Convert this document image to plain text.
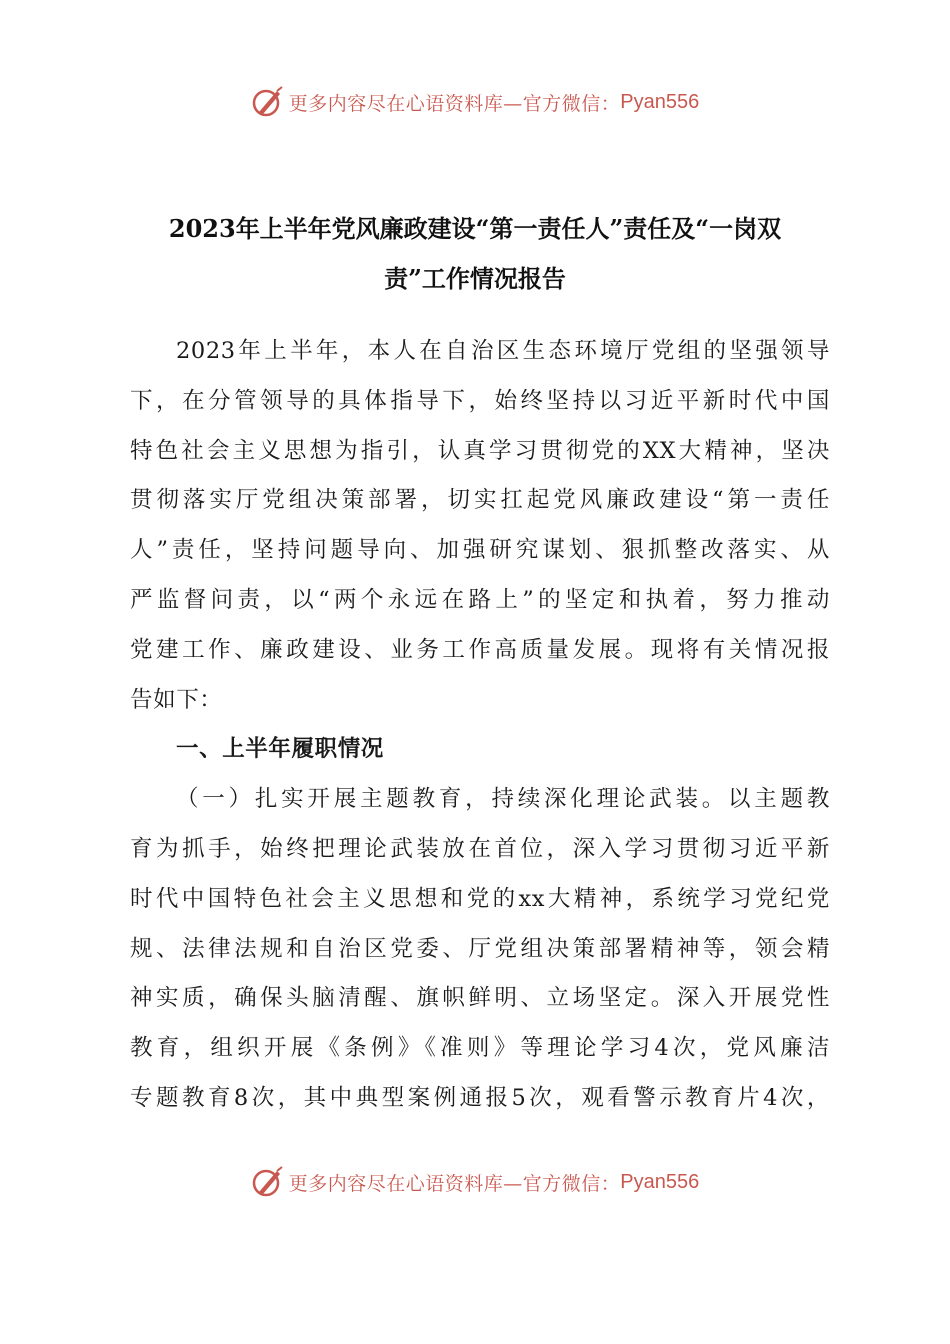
更多内容尽在心语资料库—官方微信： Pyan556
2023年上半年党风廉政建设“第一责任人”责任及“一岗双
责”工作情况报告
2023年上半年，本人在自治区生态环境厅党组的坚强领导
下，在分管领导的具体指导下，始终坚持以习近平新时代中国
特色社会主义思想为指引，认真学习贯彻党的XX大精神，坚决
贯彻落实厅党组决策部署，切实扛起党风廉政建设“第一责任
人”责任，坚持问题导向、加强研究谋划、狠抓整改落实、从
严监督问责，以“两个永远在路上”的坚定和执着，努力推动
党建工作、廉政建设、业务工作高质量发展。现将有关情况报
告如下：
一、上半年履职情况
（一）扎实开展主题教育，持续深化理论武装。以主题教
育为抓手，始终把理论武装放在首位，深入学习贯彻习近平新
时代中国特色社会主义思想和党的xx大精神，系统学习党纪党
规、法律法规和自治区党委、厅党组决策部署精神等，领会精
神实质，确保头脑清醒、旗帜鲜明、立场坚定。深入开展党性
教育，组织开展《条例》《准则》等理论学习4次，党风廉洁
专题教育8次，其中典型案例通报5次，观看警示教育片4次，
更多内容尽在心语资料库—官方微信： Pyan556
